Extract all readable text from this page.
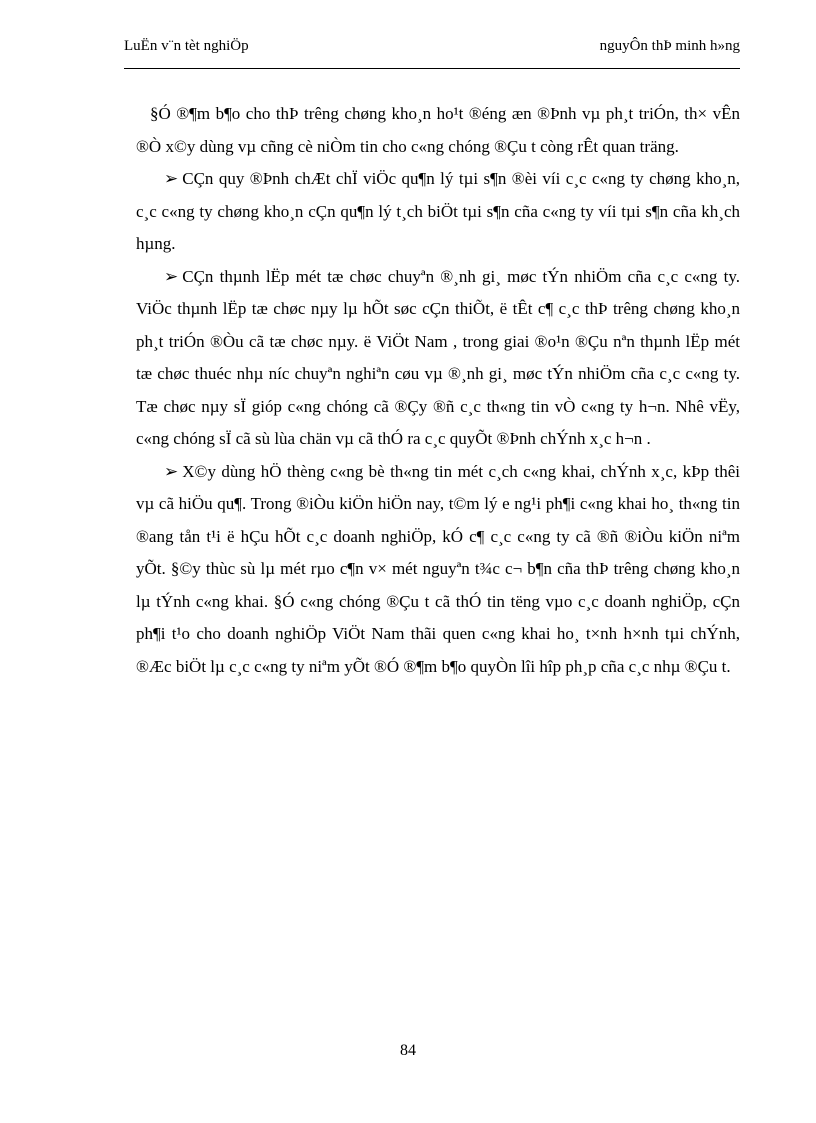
LuËn v¨n tèt nghiÖp	nguyÔn thÞ minh h»ng

§Ó ®¶m b¶o cho thÞ trêng chøng kho¸n ho¹t ®éng æn ®Þnh vµ ph¸t triÓn, th× vÊn ®Ò x©y dùng vµ cñng cè niÒm tin cho c«ng chóng ®Çu t còng rÊt quan träng.

➢ CÇn quy ®Þnh chÆt chÏ viÖc qu¶n lý tµi s¶n ®èi víi c¸c c«ng ty chøng kho¸n, c¸c c«ng ty chøng kho¸n cÇn qu¶n lý t¸ch biÖt tµi s¶n cña c«ng ty víi tµi s¶n cña kh¸ch hµng.

➢ CÇn thµnh lËp mét tæ chøc chuyªn ®¸nh gi¸ møc tÝn nhiÖm cña c¸c c«ng ty. ViÖc thµnh lËp tæ chøc nµy lµ hÕt søc cÇn thiÕt, ë tÊt c¶ c¸c thÞ trêng chøng kho¸n ph¸t triÓn ®Òu cã tæ chøc nµy. ë ViÖt Nam , trong giai ®o¹n ®Çu nªn thµnh lËp mét tæ chøc thuéc nhµ níc chuyªn nghiªn cøu vµ ®¸nh gi¸ møc tÝn nhiÖm cña c¸c c«ng ty. Tæ chøc nµy sÏ gióp c«ng chóng cã ®Çy ®ñ c¸c th«ng tin vÒ c«ng ty h¬n. Nhê vËy, c«ng chóng sÏ cã sù lùa chän vµ cã thÓ ra c¸c quyÕt ®Þnh chÝnh x¸c h¬n .

➢ X©y dùng hÖ thèng c«ng bè th«ng tin mét c¸ch c«ng khai, chÝnh x¸c, kÞp thêi vµ cã hiÖu qu¶. Trong ®iÒu kiÖn hiÖn nay, t©m lý e ng¹i ph¶i c«ng khai ho¸ th«ng tin ®ang tån t¹i ë hÇu hÕt c¸c doanh nghiÖp, kÓ c¶ c¸c c«ng ty cã ®ñ ®iÒu kiÖn niªm yÕt. §©y thùc sù lµ mét rµo c¶n v× mét nguyªn t¾c c¬ b¶n cña thÞ trêng chøng kho¸n lµ tÝnh c«ng khai. §Ó c«ng chóng ®Çu t cã thÓ tin tëng vµo c¸c doanh nghiÖp, cÇn ph¶i t¹o cho doanh nghiÖp ViÖt Nam thãi quen c«ng khai ho¸ t×nh h×nh tµi chÝnh, ®Æc biÖt lµ c¸c c«ng ty niªm yÕt ®Ó ®¶m b¶o quyÒn lîi hîp ph¸p cña c¸c nhµ ®Çu t.

84
